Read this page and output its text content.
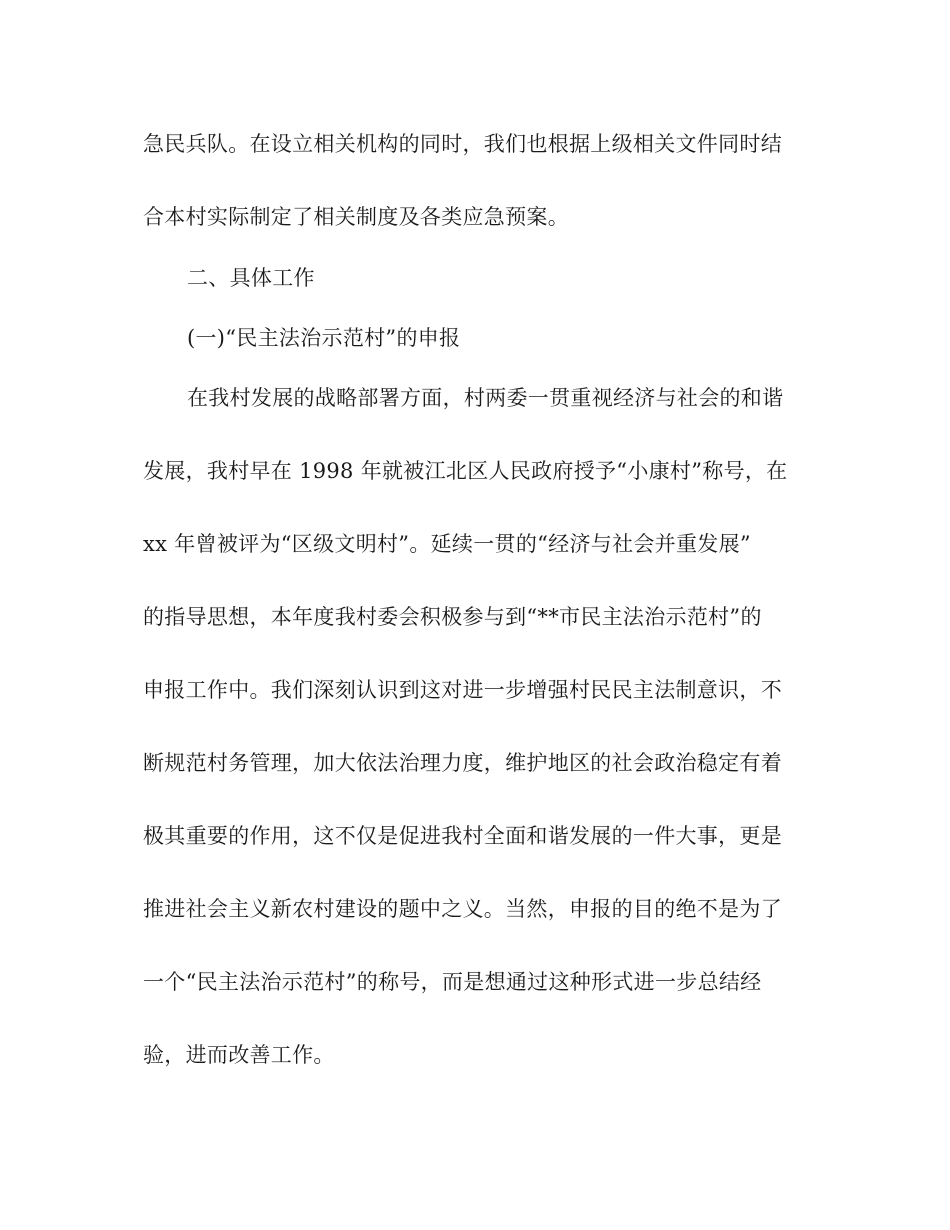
急民兵队。在设立相关机构的同时，我们也根据上级相关文件同时结
合本村实际制定了相关制度及各类应急预案。
二、具体工作
(一)“民主法治示范村”的申报
在我村发展的战略部署方面，村两委一贯重视经济与社会的和谐
发展，我村早在 1998 年就被江北区人民政府授予“小康村”称号，在
xx 年曾被评为“区级文明村”。延续一贯的“经济与社会并重发展”
的指导思想，本年度我村委会积极参与到“**市民主法治示范村”的
申报工作中。我们深刻认识到这对进一步增强村民民主法制意识，不
断规范村务管理，加大依法治理力度，维护地区的社会政治稳定有着
极其重要的作用，这不仅是促进我村全面和谐发展的一件大事，更是
推进社会主义新农村建设的题中之义。当然，申报的目的绝不是为了
一个“民主法治示范村”的称号，而是想通过这种形式进一步总结经
验，进而改善工作。
